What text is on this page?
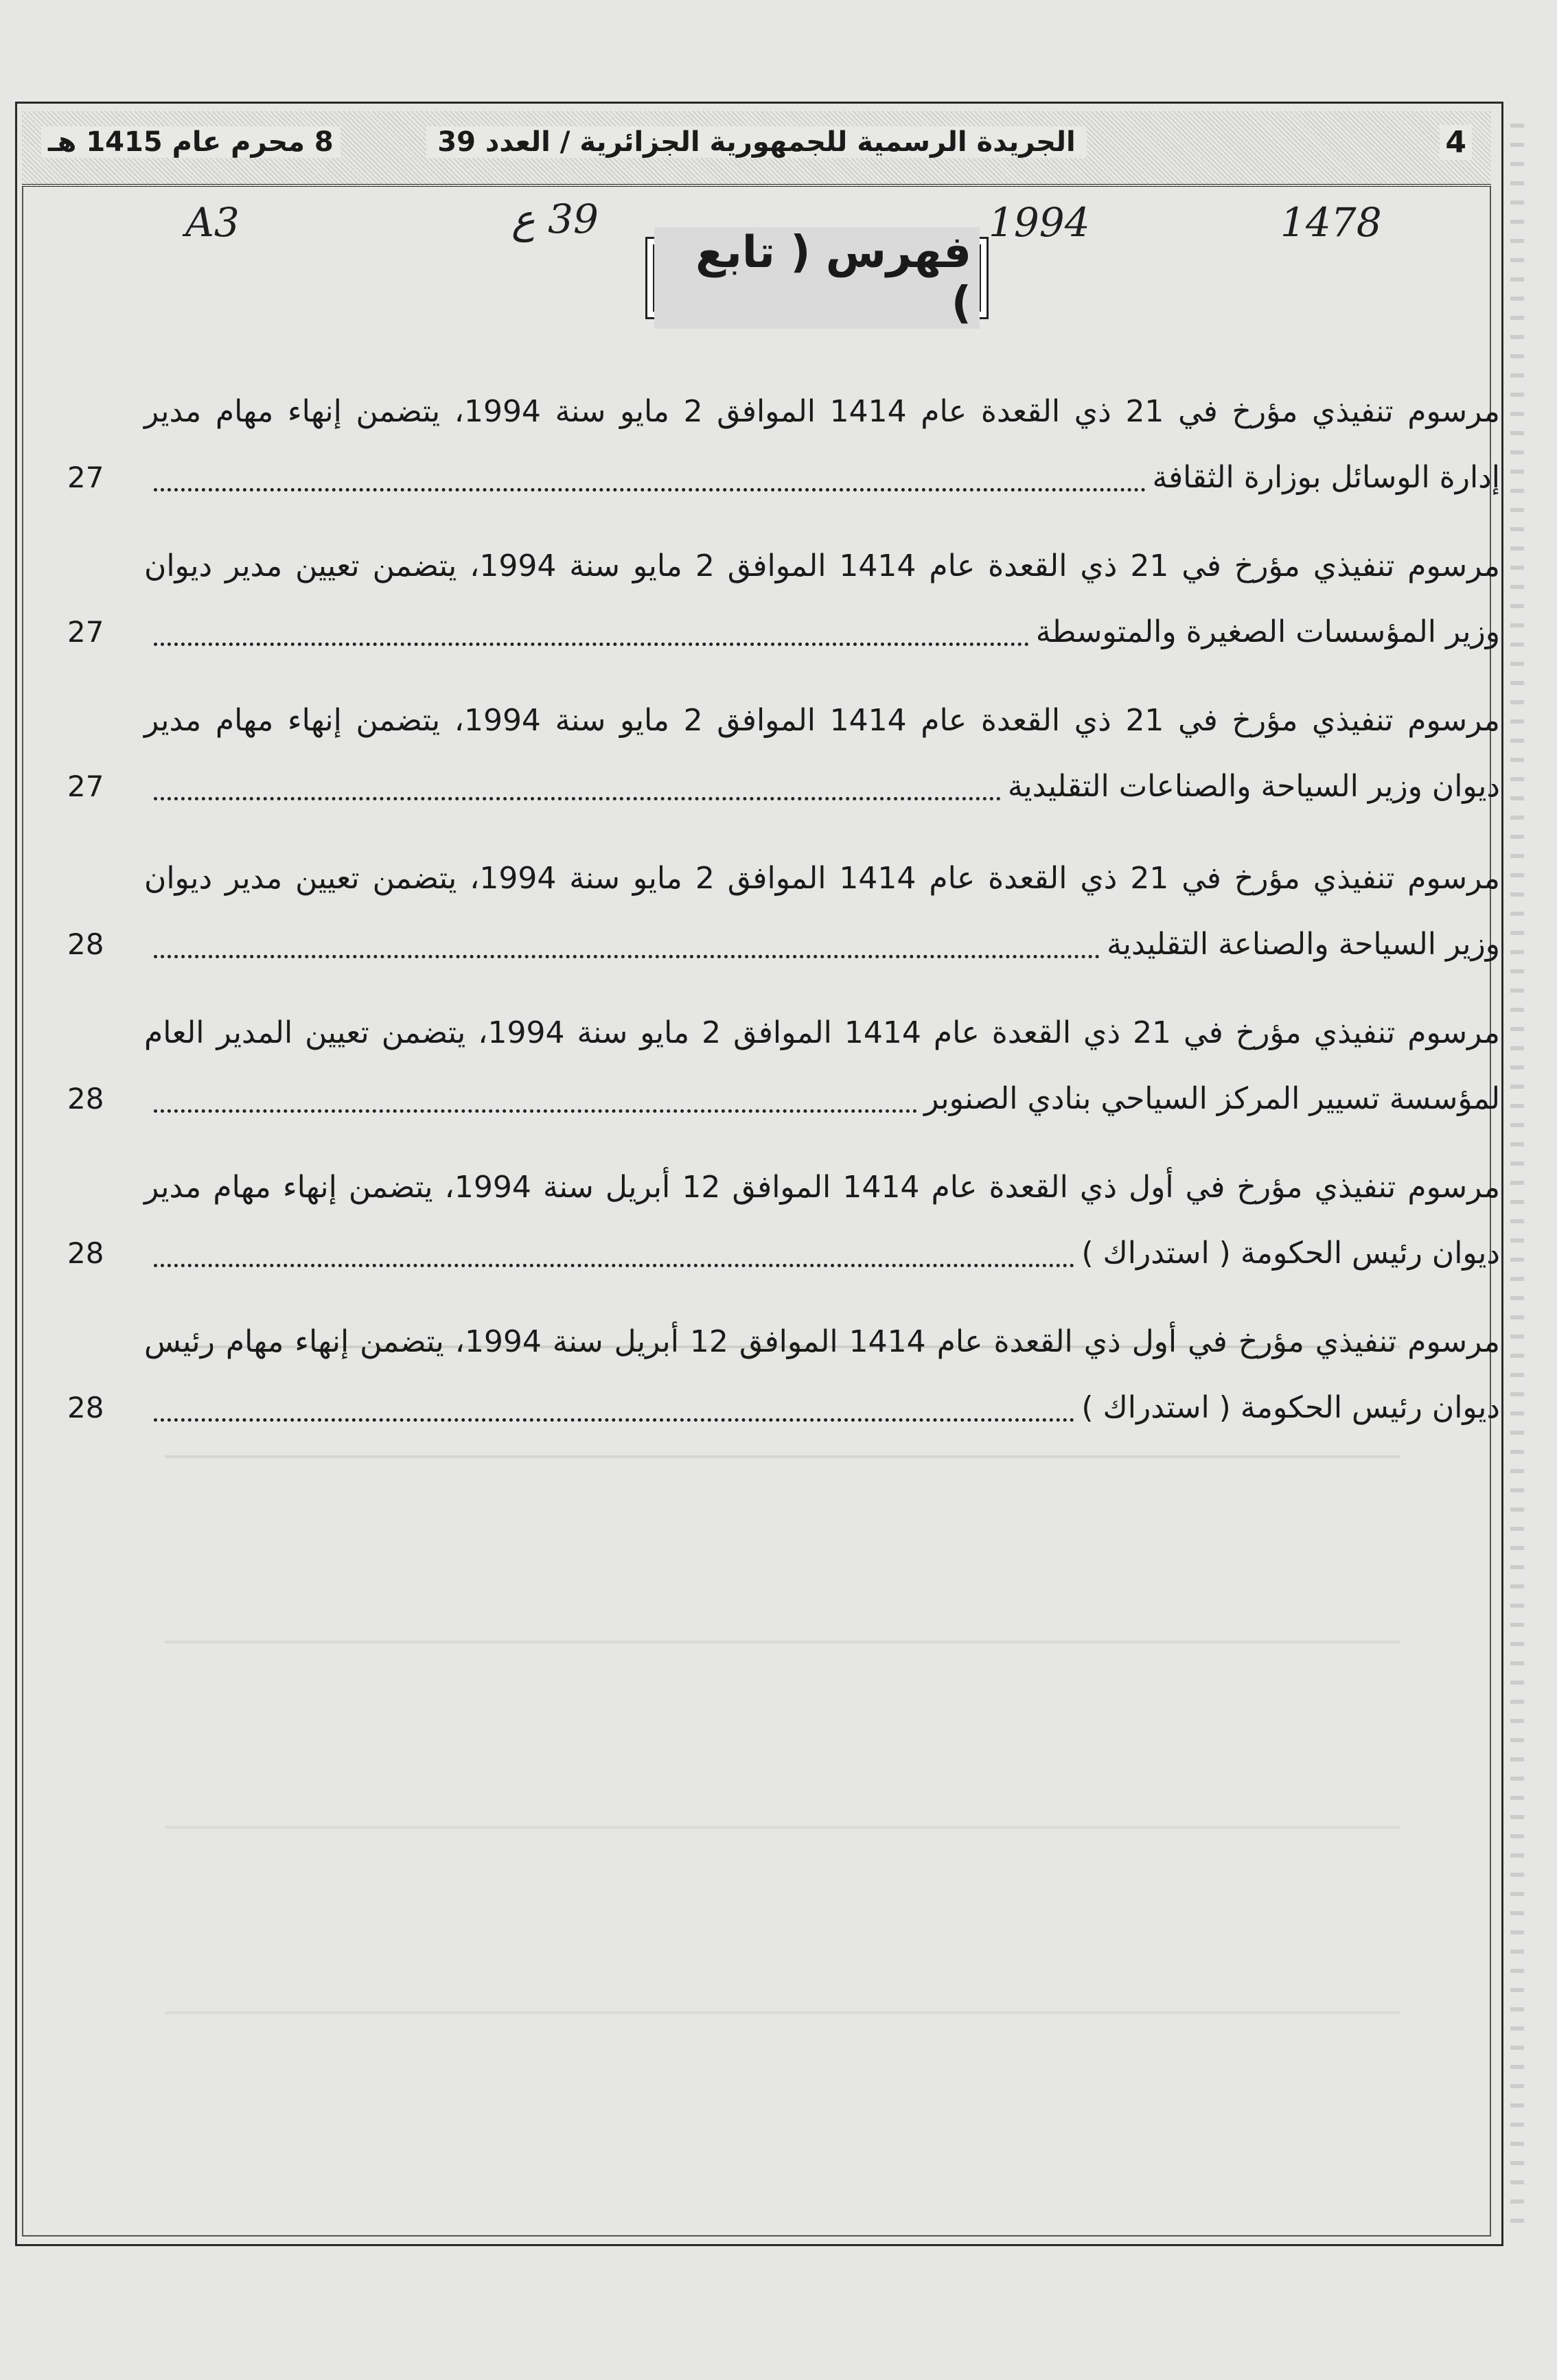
4
الجريدة الرسمية للجمهورية الجزائرية / العدد 39
8 محرم عام 1415 هـ
A3	39 ع	1994	1478
فهرس ( تابع )
مرسوم تنفيذي مؤرخ في 21 ذي القعدة عام 1414 الموافق 2 مايو سنة 1994، يتضمن إنهاء مهام مدير
إدارة الوسائل بوزارة الثقافة
27
مرسوم تنفيذي مؤرخ في 21 ذي القعدة عام 1414 الموافق 2 مايو سنة 1994، يتضمن تعيين مدير ديوان
وزير المؤسسات الصغيرة والمتوسطة
27
مرسوم تنفيذي مؤرخ في 21 ذي القعدة عام 1414 الموافق 2 مايو سنة 1994، يتضمن إنهاء مهام مدير
ديوان وزير السياحة والصناعات التقليدية
27
مرسوم تنفيذي مؤرخ في 21 ذي القعدة عام 1414 الموافق 2 مايو سنة 1994، يتضمن تعيين مدير ديوان
وزير السياحة والصناعة التقليدية
28
مرسوم تنفيذي مؤرخ في 21 ذي القعدة عام 1414 الموافق 2 مايو سنة 1994، يتضمن تعيين المدير العام
لمؤسسة تسيير المركز السياحي بنادي الصنوبر
28
مرسوم تنفيذي مؤرخ في أول ذي القعدة عام 1414 الموافق 12 أبريل سنة 1994، يتضمن إنهاء مهام مدير
ديوان رئيس الحكومة ( استدراك )
28
مرسوم تنفيذي مؤرخ في أول ذي القعدة عام 1414 الموافق 12 أبريل سنة 1994، يتضمن إنهاء مهام رئيس
ديوان رئيس الحكومة ( استدراك )
28
